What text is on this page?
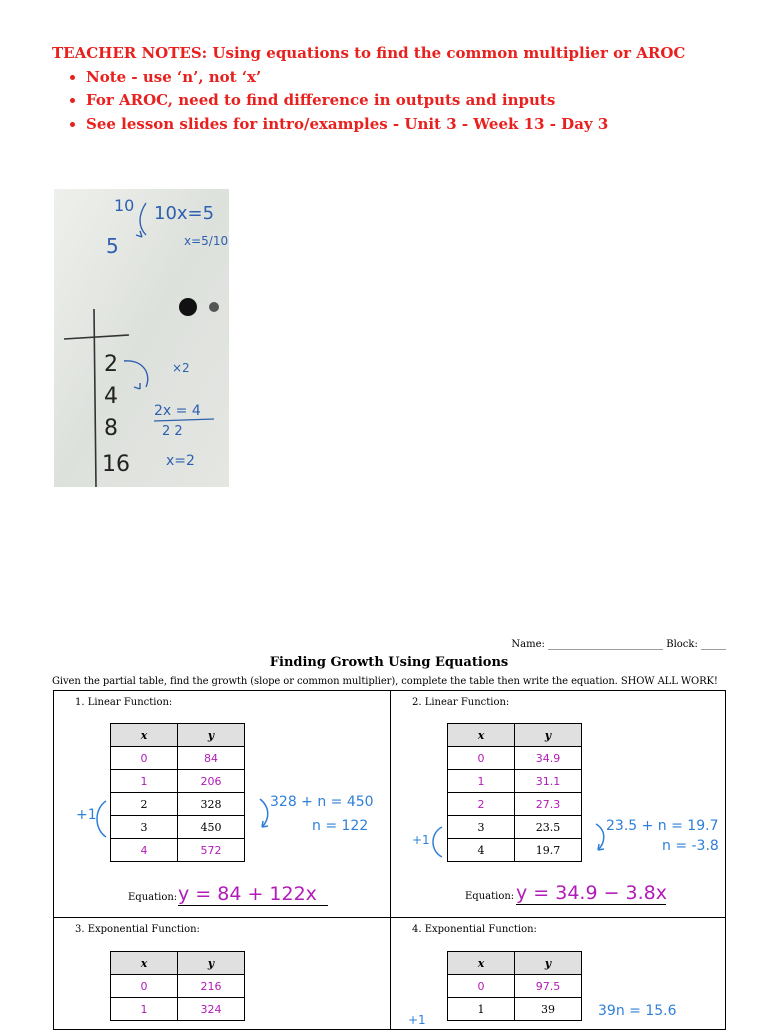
TEACHER NOTES: Using equations to find the common multiplier or AROC
• Note - use ‘n’, not ‘x’
• For AROC, need to find difference in outputs and inputs
• See lesson slides for intro/examples - Unit 3 - Week 13 - Day 3
10
5
10x=5
x=5/10
2
4
8
16
×2
2x = 4
2 2
x=2
Name: _______________________ Block: _____
Finding Growth Using Equations
Given the partial table, find the growth (slope or common multiplier), complete the table then write the equation. SHOW ALL WORK!
1. Linear Function:
x	y
0	84
1	206
2	328
3	450
4	572
+1
328 + n = 450
n = 122
Equation: y = 84 + 122x
2. Linear Function:
x	y
0	34.9
1	31.1
2	27.3
3	23.5
4	19.7
+1
23.5 + n = 19.7
n = -3.8
Equation: y = 34.9 − 3.8x
3. Exponential Function:
x	y
0	216
1	324
4. Exponential Function:
x	y
0	97.5
1	39
+1
39n = 15.6
